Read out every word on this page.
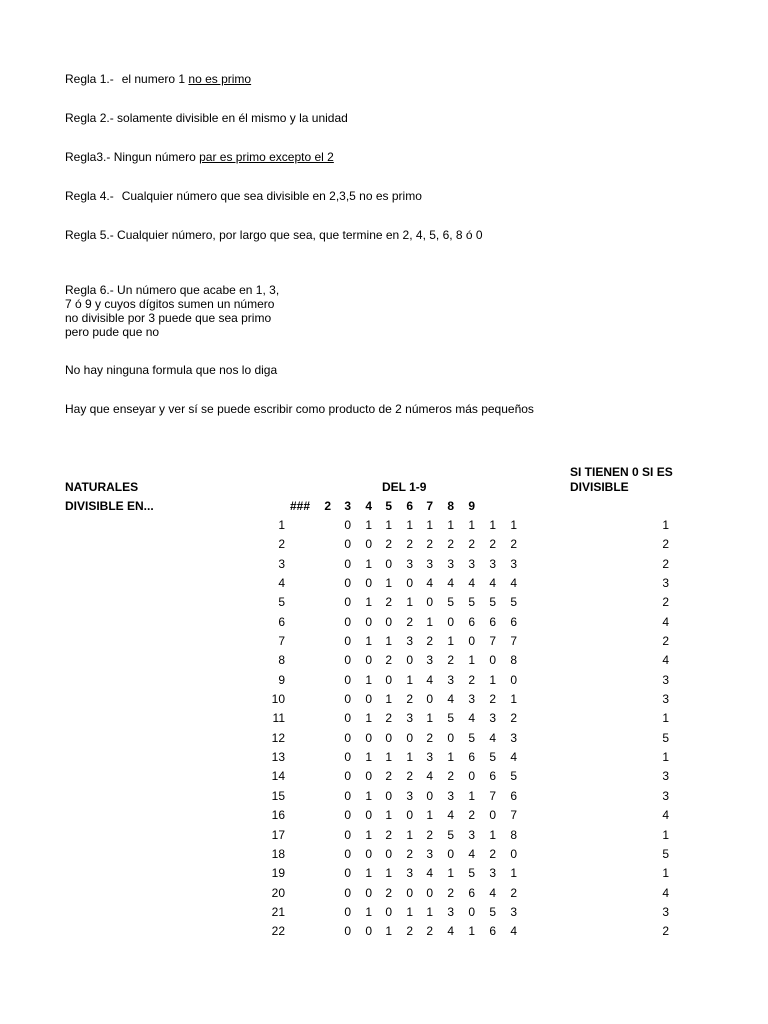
Regla 1.- el numero 1 no es primo
Regla 2.- solamente divisible en él mismo y la unidad
Regla3.- Ningun número par es primo excepto el 2
Regla 4.- Cualquier número que sea divisible en 2,3,5 no es primo
Regla 5.- Cualquier número, por largo que sea, que termine en 2, 4, 5, 6, 8 ó 0
Regla 6.- Un número que acabe en 1, 3, 7 ó 9 y cuyos dígitos sumen un número no divisible por 3 puede que sea primo pero pude que no
No hay ninguna formula que nos lo diga
Hay que enseyar y ver sí se puede escribir como producto de 2 números más pequeños
NATURALES	DEL 1-9
SI TIENEN 0 SI ES
DIVISIBLE
DIVISIBLE EN...	###	2	3	4	5	6	7	8	9
1	0	1	1	1	1	1	1	1	1	1
2	0	0	2	2	2	2	2	2	2	2
3	0	1	0	3	3	3	3	3	3	2
4	0	0	1	0	4	4	4	4	4	3
5	0	1	2	1	0	5	5	5	5	2
6	0	0	0	2	1	0	6	6	6	4
7	0	1	1	3	2	1	0	7	7	2
8	0	0	2	0	3	2	1	0	8	4
9	0	1	0	1	4	3	2	1	0	3
10	0	0	1	2	0	4	3	2	1	3
11	0	1	2	3	1	5	4	3	2	1
12	0	0	0	0	2	0	5	4	3	5
13	0	1	1	1	3	1	6	5	4	1
14	0	0	2	2	4	2	0	6	5	3
15	0	1	0	3	0	3	1	7	6	3
16	0	0	1	0	1	4	2	0	7	4
17	0	1	2	1	2	5	3	1	8	1
18	0	0	0	2	3	0	4	2	0	5
19	0	1	1	3	4	1	5	3	1	1
20	0	0	2	0	0	2	6	4	2	4
21	0	1	0	1	1	3	0	5	3	3
22	0	0	1	2	2	4	1	6	4	2
